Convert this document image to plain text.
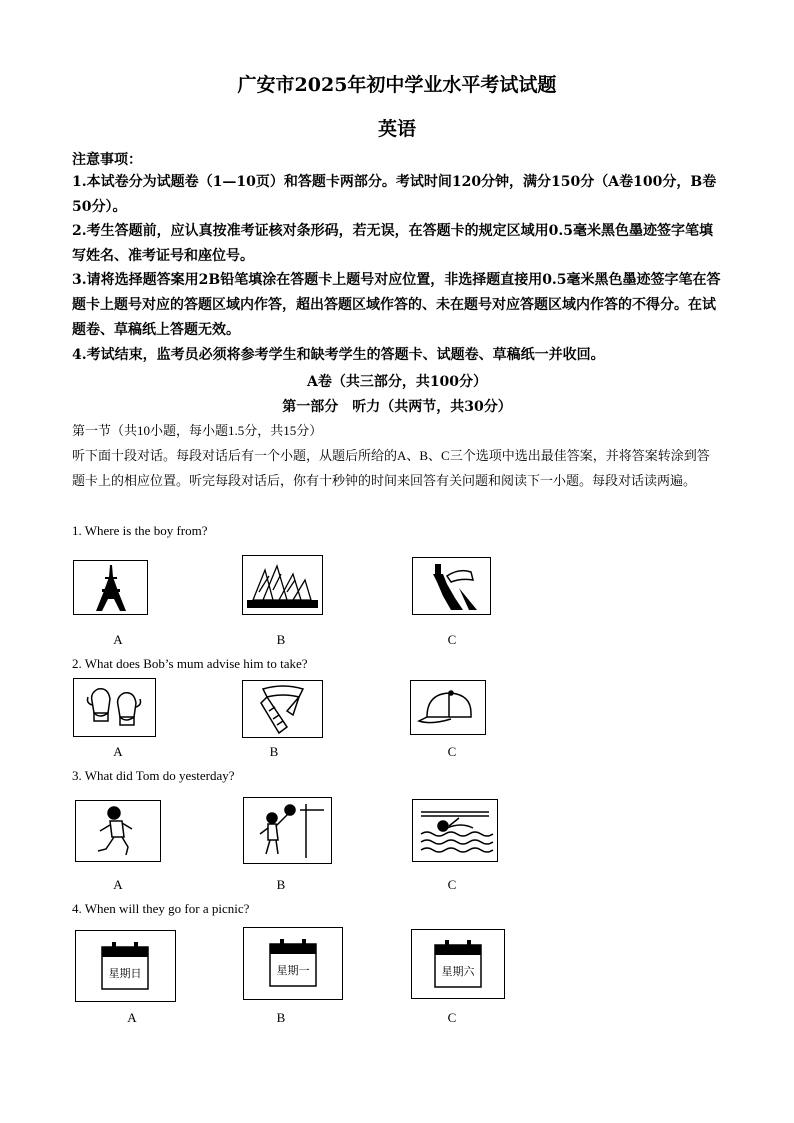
广安市2025年初中学业水平考试试题
英语
注意事项：
1.本试卷分为试题卷（1—10页）和答题卡两部分。考试时间120分钟，满分150分（A卷100分，B卷50分）。
2.考生答题前，应认真按准考证核对条形码，若无误，在答题卡的规定区域用0.5毫米黑色墨迹签字笔填写姓名、准考证号和座位号。
3.请将选择题答案用2B铅笔填涂在答题卡上题号对应位置，非选择题直接用0.5毫米黑色墨迹签字笔在答题卡上题号对应的答题区域内作答，超出答题区域作答的、未在题号对应答题区域内作答的不得分。在试题卷、草稿纸上答题无效。
4.考试结束，监考员必须将参考学生和缺考学生的答题卡、试题卷、草稿纸一并收回。
A卷（共三部分，共100分）
第一部分　听力（共两节，共30分）
第一节（共10小题，每小题1.5分，共15分）
听下面十段对话。每段对话后有一个小题，从题后所给的A、B、C三个选项中选出最佳答案，并将答案转涂到答题卡上的相应位置。听完每段对话后，你有十秒钟的时间来回答有关问题和阅读下一小题。每段对话读两遍。
1. Where is the boy from?
A	B	C
2. What does Bob’s mum advise him to take?
A	B	C
3. What did Tom do yesterday?
A	B	C
4. When will they go for a picnic?
星期日	星期一	星期六
A	B	C
